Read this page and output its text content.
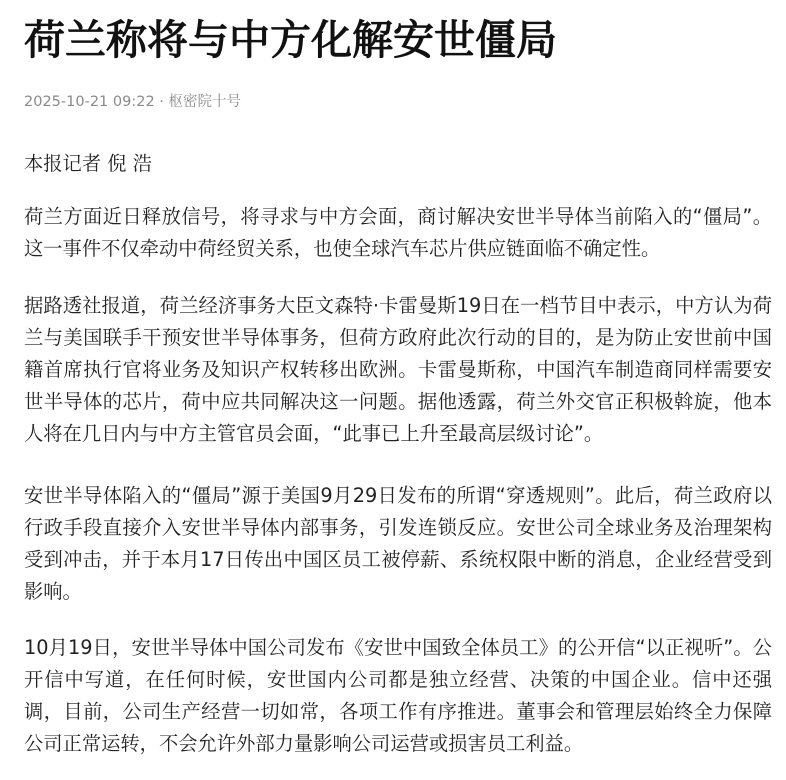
荷兰称将与中方化解安世僵局
2025-10-21 09:22 · 枢密院十号

本报记者 倪 浩

荷兰方面近日释放信号，将寻求与中方会面，商讨解决安世半导体当前陷入的“僵局”。这一事件不仅牵动中荷经贸关系，也使全球汽车芯片供应链面临不确定性。

据路透社报道，荷兰经济事务大臣文森特·卡雷曼斯19日在一档节目中表示，中方认为荷兰与美国联手干预安世半导体事务，但荷方政府此次行动的目的，是为防止安世前中国籍首席执行官将业务及知识产权转移出欧洲。卡雷曼斯称，中国汽车制造商同样需要安世半导体的芯片，荷中应共同解决这一问题。据他透露，荷兰外交官正积极斡旋，他本人将在几日内与中方主管官员会面，“此事已上升至最高层级讨论”。

安世半导体陷入的“僵局”源于美国9月29日发布的所谓“穿透规则”。此后，荷兰政府以行政手段直接介入安世半导体内部事务，引发连锁反应。安世公司全球业务及治理架构受到冲击，并于本月17日传出中国区员工被停薪、系统权限中断的消息，企业经营受到影响。

10月19日，安世半导体中国公司发布《安世中国致全体员工》的公开信“以正视听”。公开信中写道，在任何时候，安世国内公司都是独立经营、决策的中国企业。信中还强调，目前，公司生产经营一切如常，各项工作有序推进。董事会和管理层始终全力保障公司正常运转，不会允许外部力量影响公司运营或损害员工利益。
